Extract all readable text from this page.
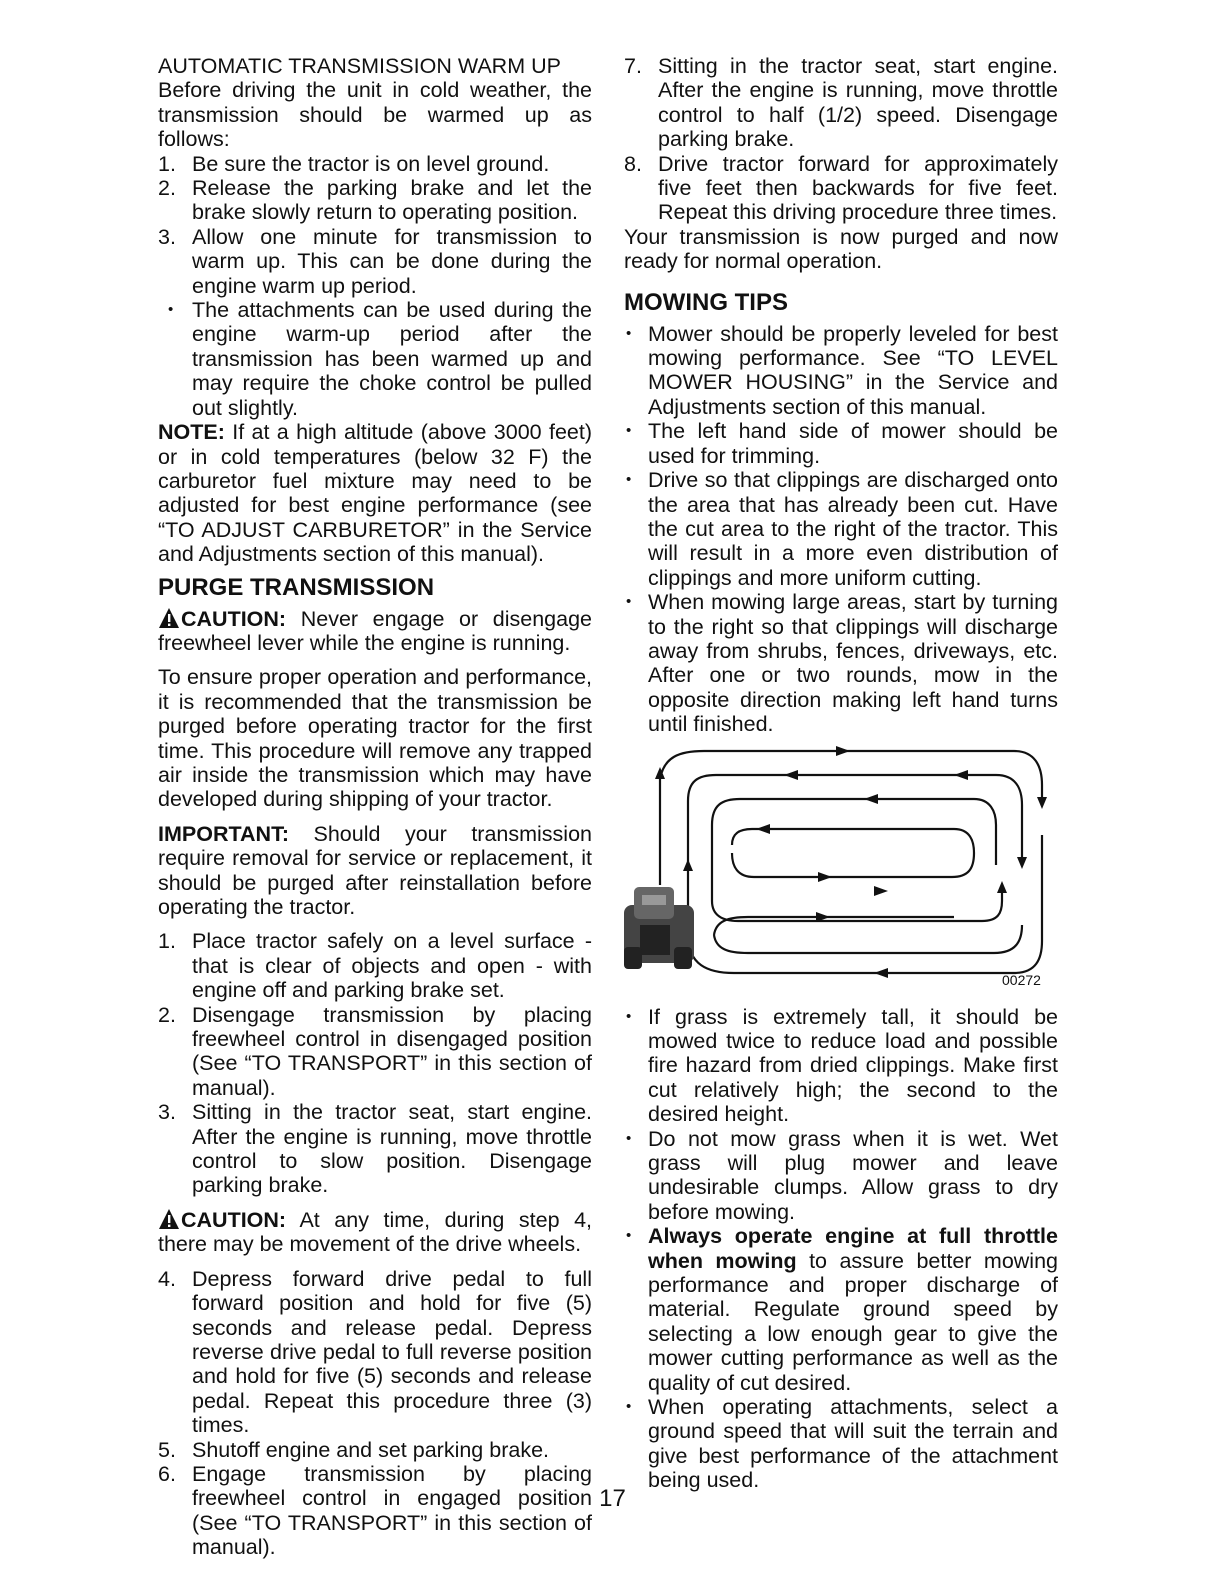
AUTOMATIC TRANSMISSION WARM UP

Before driving the unit in cold weather, the transmission should be warmed up as follows:

1. Be sure the tractor is on level ground.
2. Release the parking brake and let the brake slowly return to operating position.
3. Allow one minute for transmission to warm up. This can be done during the engine warm up period.
• The attachments can be used during the engine warm-up period after the transmission has been warmed up and may require the choke control be pulled out slightly.

NOTE: If at a high altitude (above 3000 feet) or in cold temperatures (below 32 F) the carburetor fuel mixture may need to be adjusted for best engine performance (see “TO ADJUST CARBURETOR” in the Service and Adjustments section of this manual).

PURGE TRANSMISSION

CAUTION: Never engage or disengage freewheel lever while the engine is running.

To ensure proper operation and performance, it is recommended that the transmission be purged before operating tractor for the first time. This procedure will remove any trapped air inside the transmission which may have developed during shipping of your tractor.

IMPORTANT: Should your transmission require removal for service or replacement, it should be purged after reinstallation before operating the tractor.

1. Place tractor safely on a level surface - that is clear of objects and open - with engine off and parking brake set.
2. Disengage transmission by placing freewheel control in disengaged position (See “TO TRANSPORT” in this section of manual).
3. Sitting in the tractor seat, start engine. After the engine is running, move throttle control to slow position. Disengage parking brake.

CAUTION: At any time, during step 4, there may be movement of the drive wheels.

4. Depress forward drive pedal to full forward position and hold for five (5) seconds and release pedal. Depress reverse drive pedal to full reverse position and hold for five (5) seconds and release pedal. Repeat this procedure three (3) times.
5. Shutoff engine and set parking brake.
6. Engage transmission by placing freewheel control in engaged position (See “TO TRANSPORT” in this section of manual).
7. Sitting in the tractor seat, start engine. After the engine is running, move throttle control to half (1/2) speed. Disengage parking brake.
8. Drive tractor forward for approximately five feet then backwards for five feet. Repeat this driving procedure three times.

Your transmission is now purged and now ready for normal operation.

MOWING TIPS
• Mower should be properly leveled for best mowing performance. See “TO LEVEL MOWER HOUSING” in the Service and Adjustments section of this manual.
• The left hand side of mower should be used for trimming.
• Drive so that clippings are discharged onto the area that has already been cut. Have the cut area to the right of the tractor. This will result in a more even distribution of clippings and more uniform cutting.
• When mowing large areas, start by turning to the right so that clippings will discharge away from shrubs, fences, driveways, etc. After one or two rounds, mow in the opposite direction making left hand turns until finished.
00272
• If grass is extremely tall, it should be mowed twice to reduce load and possible fire hazard from dried clippings. Make first cut relatively high; the second to the desired height.
• Do not mow grass when it is wet. Wet grass will plug mower and leave undesirable clumps. Allow grass to dry before mowing.
• Always operate engine at full throttle when mowing to assure better mowing performance and proper discharge of material. Regulate ground speed by selecting a low enough gear to give the mower cutting performance as well as the quality of cut desired.
• When operating attachments, select a ground speed that will suit the terrain and give best performance of the attachment being used.
17
